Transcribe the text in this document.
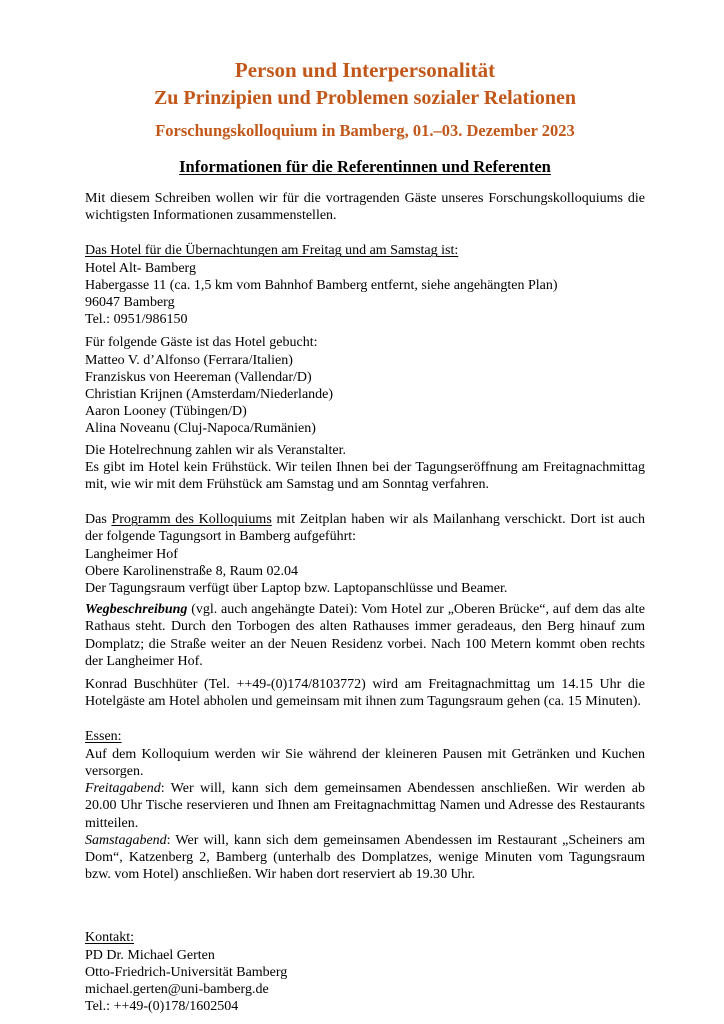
Person und Interpersonalität
Zu Prinzipien und Problemen sozialer Relationen
Forschungskolloquium in Bamberg, 01.–03. Dezember 2023
Informationen für die Referentinnen und Referenten

Mit diesem Schreiben wollen wir für die vortragenden Gäste unseres Forschungskolloquiums die wichtigsten Informationen zusammenstellen.

Das Hotel für die Übernachtungen am Freitag und am Samstag ist:

Hotel Alt- Bamberg

Habergasse 11 (ca. 1,5 km vom Bahnhof Bamberg entfernt, siehe angehängten Plan)

96047 Bamberg

Tel.: 0951/986150

Für folgende Gäste ist das Hotel gebucht:

Matteo V. d’Alfonso (Ferrara/Italien)

Franziskus von Heereman (Vallendar/D)

Christian Krijnen (Amsterdam/Niederlande)

Aaron Looney (Tübingen/D)

Alina Noveanu (Cluj-Napoca/Rumänien)

Die Hotelrechnung zahlen wir als Veranstalter.

Es gibt im Hotel kein Frühstück. Wir teilen Ihnen bei der Tagungseröffnung am Freitagnachmittag mit, wie wir mit dem Frühstück am Samstag und am Sonntag verfahren.

Das Programm des Kolloquiums mit Zeitplan haben wir als Mailanhang verschickt. Dort ist auch der folgende Tagungsort in Bamberg aufgeführt:

Langheimer Hof

Obere Karolinenstraße 8, Raum 02.04

Der Tagungsraum verfügt über Laptop bzw. Laptopanschlüsse und Beamer.

Wegbeschreibung (vgl. auch angehängte Datei): Vom Hotel zur „Oberen Brücke“, auf dem das alte Rathaus steht. Durch den Torbogen des alten Rathauses immer geradeaus, den Berg hinauf zum Domplatz; die Straße weiter an der Neuen Residenz vorbei. Nach 100 Metern kommt oben rechts der Langheimer Hof.

Konrad Buschhüter (Tel. ++49-(0)174/8103772) wird am Freitagnachmittag um 14.15 Uhr die Hotelgäste am Hotel abholen und gemeinsam mit ihnen zum Tagungsraum gehen (ca. 15 Minuten).

Essen:

Auf dem Kolloquium werden wir Sie während der kleineren Pausen mit Getränken und Kuchen versorgen.

Freitagabend: Wer will, kann sich dem gemeinsamen Abendessen anschließen. Wir werden ab 20.00 Uhr Tische reservieren und Ihnen am Freitagnachmittag Namen und Adresse des Restaurants mitteilen.

Samstagabend: Wer will, kann sich dem gemeinsamen Abendessen im Restaurant „Scheiners am Dom“, Katzenberg 2, Bamberg (unterhalb des Domplatzes, wenige Minuten vom Tagungsraum bzw. vom Hotel) anschließen. Wir haben dort reserviert ab 19.30 Uhr.

Kontakt:

PD Dr. Michael Gerten

Otto-Friedrich-Universität Bamberg

michael.gerten@uni-bamberg.de

Tel.: ++49-(0)178/1602504
